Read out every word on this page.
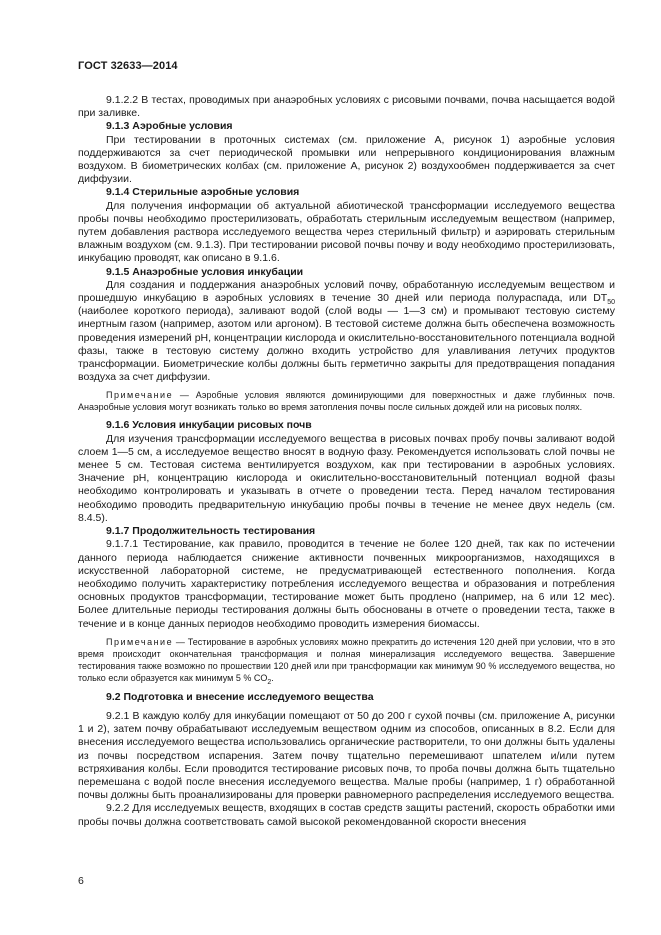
ГОСТ 32633—2014

9.1.2.2 В тестах, проводимых при анаэробных условиях с рисовыми почвами, почва насыщается водой при заливке.

9.1.3 Аэробные условия

При тестировании в проточных системах (см. приложение А, рисунок 1) аэробные условия поддерживаются за счет периодической промывки или непрерывного кондиционирования влажным воздухом. В биометрических колбах (см. приложение А, рисунок 2) воздухообмен поддерживается за счет диффузии.

9.1.4 Стерильные аэробные условия

Для получения информации об актуальной абиотической трансформации исследуемого вещества пробы почвы необходимо простерилизовать, обработать стерильным исследуемым веществом (например, путем добавления раствора исследуемого вещества через стерильный фильтр) и аэрировать стерильным влажным воздухом (см. 9.1.3). При тестировании рисовой почвы почву и воду необходимо простерилизовать, инкубацию проводят, как описано в 9.1.6.

9.1.5 Анаэробные условия инкубации

Для создания и поддержания анаэробных условий почву, обработанную исследуемым веществом и прошедшую инкубацию в аэробных условиях в течение 30 дней или периода полураспада, или $DT_{50}$ (наиболее короткого периода), заливают водой (слой воды — 1—3 см) и промывают тестовую систему инертным газом (например, азотом или аргоном). В тестовой системе должна быть обеспечена возможность проведения измерений pH, концентрации кислорода и окислительно-восстановительного потенциала водной фазы, также в тестовую систему должно входить устройство для улавливания летучих продуктов трансформации. Биометрические колбы должны быть герметично закрыты для предотвращения попадания воздуха за счет диффузии.

Примечание — Аэробные условия являются доминирующими для поверхностных и даже глубинных почв. Анаэробные условия могут возникать только во время затопления почвы после сильных дождей или на рисовых полях.

9.1.6 Условия инкубации рисовых почв

Для изучения трансформации исследуемого вещества в рисовых почвах пробу почвы заливают водой слоем 1—5 см, а исследуемое вещество вносят в водную фазу. Рекомендуется использовать слой почвы не менее 5 см. Тестовая система вентилируется воздухом, как при тестировании в аэробных условиях. Значение pH, концентрацию кислорода и окислительно-восстановительный потенциал водной фазы необходимо контролировать и указывать в отчете о проведении теста. Перед началом тестирования необходимо проводить предварительную инкубацию пробы почвы в течение не менее двух недель (см. 8.4.5).

9.1.7 Продолжительность тестирования

9.1.7.1 Тестирование, как правило, проводится в течение не более 120 дней, так как по истечении данного периода наблюдается снижение активности почвенных микроорганизмов, находящихся в искусственной лабораторной системе, не предусматривающей естественного пополнения. Когда необходимо получить характеристику потребления исследуемого вещества и образования и потребления основных продуктов трансформации, тестирование может быть продлено (например, на 6 или 12 мес). Более длительные периоды тестирования должны быть обоснованы в отчете о проведении теста, также в течение и в конце данных периодов необходимо проводить измерения биомассы.

Примечание — Тестирование в аэробных условиях можно прекратить до истечения 120 дней при условии, что в это время происходит окончательная трансформация и полная минерализация исследуемого вещества. Завершение тестирования также возможно по прошествии 120 дней или при трансформации как минимум 90 % исследуемого вещества, но только если образуется как минимум 5 % $CO_2$.

9.2 Подготовка и внесение исследуемого вещества

9.2.1 В каждую колбу для инкубации помещают от 50 до 200 г сухой почвы (см. приложение А, рисунки 1 и 2), затем почву обрабатывают исследуемым веществом одним из способов, описанных в 8.2. Если для внесения исследуемого вещества использовались органические растворители, то они должны быть удалены из почвы посредством испарения. Затем почву тщательно перемешивают шпателем и/или путем встряхивания колбы. Если проводится тестирование рисовых почв, то проба почвы должна быть тщательно перемешана с водой после внесения исследуемого вещества. Малые пробы (например, 1 г) обработанной почвы должны быть проанализированы для проверки равномерного распределения исследуемого вещества.

9.2.2 Для исследуемых веществ, входящих в состав средств защиты растений, скорость обработки ими пробы почвы должна соответствовать самой высокой рекомендованной скорости внесения

6
